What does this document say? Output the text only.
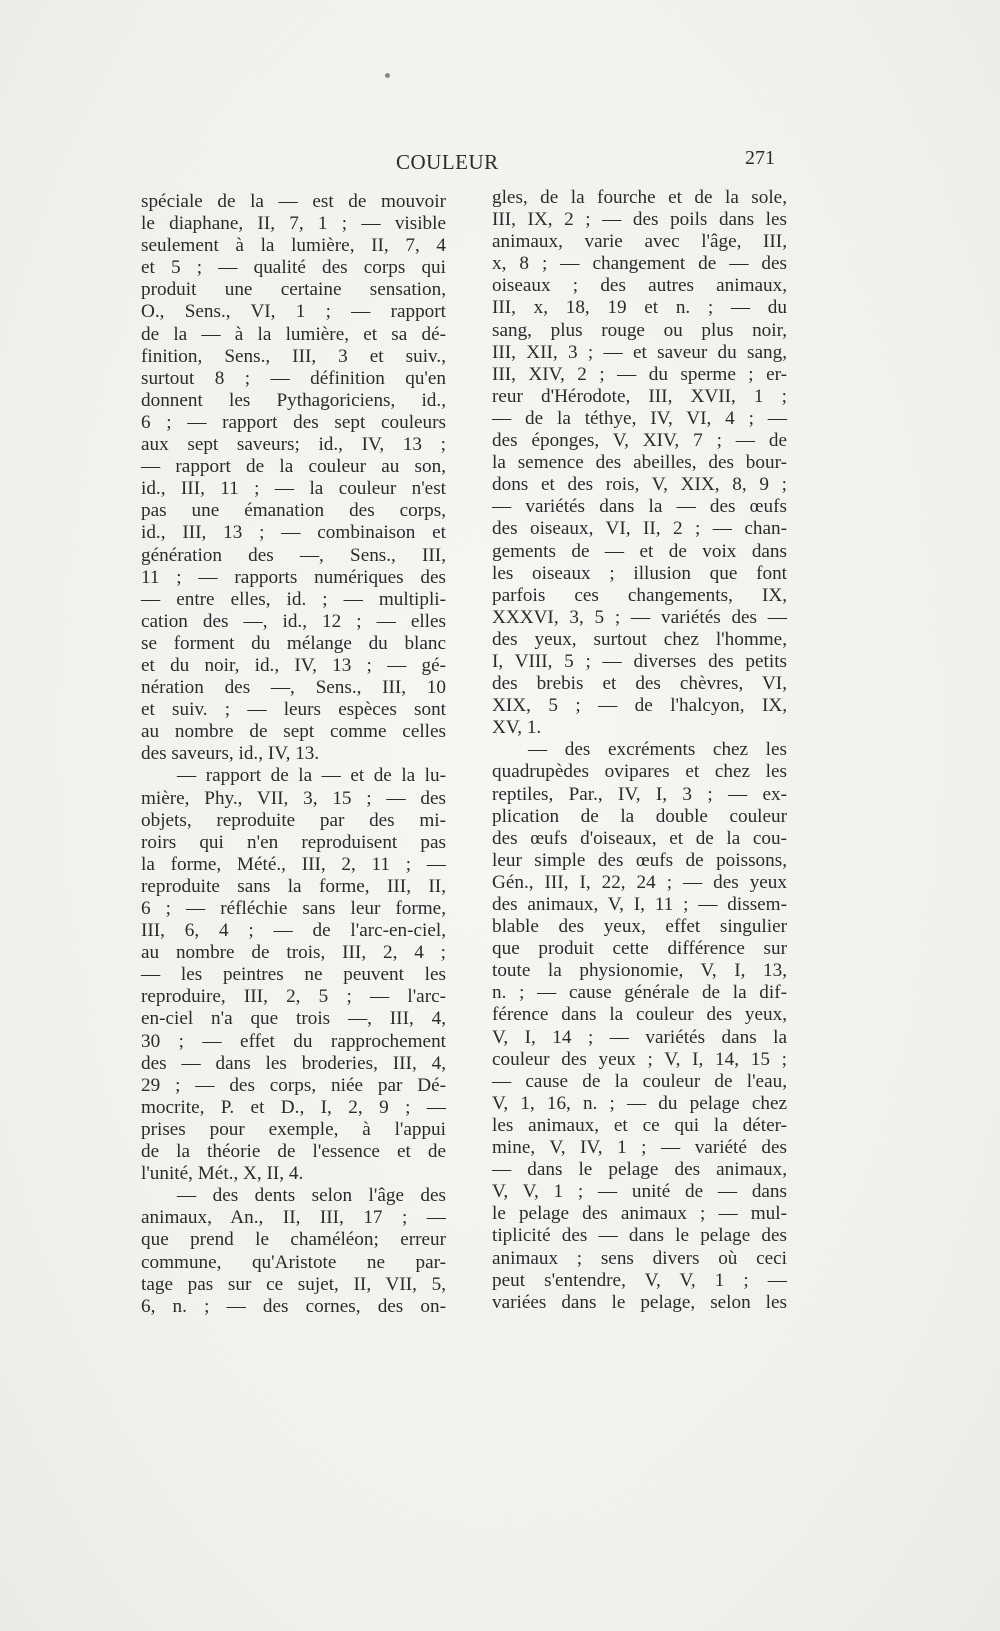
COULEUR	271
spéciale de la — est de mouvoir
le diaphane, II, 7, 1 ; — visible
seulement à la lumière, II, 7, 4
et 5 ; — qualité des corps qui
produit une certaine sensation,
O., Sens., VI, 1 ; — rapport
de la — à la lumière, et sa dé-
finition, Sens., III, 3 et suiv.,
surtout 8 ; — définition qu'en
donnent les Pythagoriciens, id.,
6 ; — rapport des sept couleurs
aux sept saveurs; id., IV, 13 ;
— rapport de la couleur au son,
id., III, 11 ; — la couleur n'est
pas une émanation des corps,
id., III, 13 ; — combinaison et
génération des —, Sens., III,
11 ; — rapports numériques des
— entre elles, id. ; — multipli-
cation des —, id., 12 ; — elles
se forment du mélange du blanc
et du noir, id., IV, 13 ; — gé-
nération des —, Sens., III, 10
et suiv. ; — leurs espèces sont
au nombre de sept comme celles
des saveurs, id., IV, 13.
— rapport de la — et de la lu-
mière, Phy., VII, 3, 15 ; — des
objets, reproduite par des mi-
roirs qui n'en reproduisent pas
la forme, Mété., III, 2, 11 ; —
reproduite sans la forme, III, II,
6 ; — réfléchie sans leur forme,
III, 6, 4 ; — de l'arc-en-ciel,
au nombre de trois, III, 2, 4 ;
— les peintres ne peuvent les
reproduire, III, 2, 5 ; — l'arc-
en-ciel n'a que trois —, III, 4,
30 ; — effet du rapprochement
des — dans les broderies, III, 4,
29 ; — des corps, niée par Dé-
mocrite, P. et D., I, 2, 9 ; —
prises pour exemple, à l'appui
de la théorie de l'essence et de
l'unité, Mét., X, II, 4.
— des dents selon l'âge des
animaux, An., II, III, 17 ; —
que prend le chaméléon; erreur
commune, qu'Aristote ne par-
tage pas sur ce sujet, II, VII, 5,
6, n. ; — des cornes, des on-
gles, de la fourche et de la sole,
III, IX, 2 ; — des poils dans les
animaux, varie avec l'âge, III,
x, 8 ; — changement de — des
oiseaux ; des autres animaux,
III, x, 18, 19 et n. ; — du
sang, plus rouge ou plus noir,
III, XII, 3 ; — et saveur du sang,
III, XIV, 2 ; — du sperme ; er-
reur d'Hérodote, III, XVII, 1 ;
— de la téthye, IV, VI, 4 ; —
des éponges, V, XIV, 7 ; — de
la semence des abeilles, des bour-
dons et des rois, V, XIX, 8, 9 ;
— variétés dans la — des œufs
des oiseaux, VI, II, 2 ; — chan-
gements de — et de voix dans
les oiseaux ; illusion que font
parfois ces changements, IX,
XXXVI, 3, 5 ; — variétés des —
des yeux, surtout chez l'homme,
I, VIII, 5 ; — diverses des petits
des brebis et des chèvres, VI,
XIX, 5 ; — de l'halcyon, IX,
XV, 1.
— des excréments chez les
quadrupèdes ovipares et chez les
reptiles, Par., IV, I, 3 ; — ex-
plication de la double couleur
des œufs d'oiseaux, et de la cou-
leur simple des œufs de poissons,
Gén., III, I, 22, 24 ; — des yeux
des animaux, V, I, 11 ; — dissem-
blable des yeux, effet singulier
que produit cette différence sur
toute la physionomie, V, I, 13,
n. ; — cause générale de la dif-
férence dans la couleur des yeux,
V, I, 14 ; — variétés dans la
couleur des yeux ; V, I, 14, 15 ;
— cause de la couleur de l'eau,
V, 1, 16, n. ; — du pelage chez
les animaux, et ce qui la déter-
mine, V, IV, 1 ; — variété des
— dans le pelage des animaux,
V, V, 1 ; — unité de — dans
le pelage des animaux ; — mul-
tiplicité des — dans le pelage des
animaux ; sens divers où ceci
peut s'entendre, V, V, 1 ; —
variées dans le pelage, selon les
